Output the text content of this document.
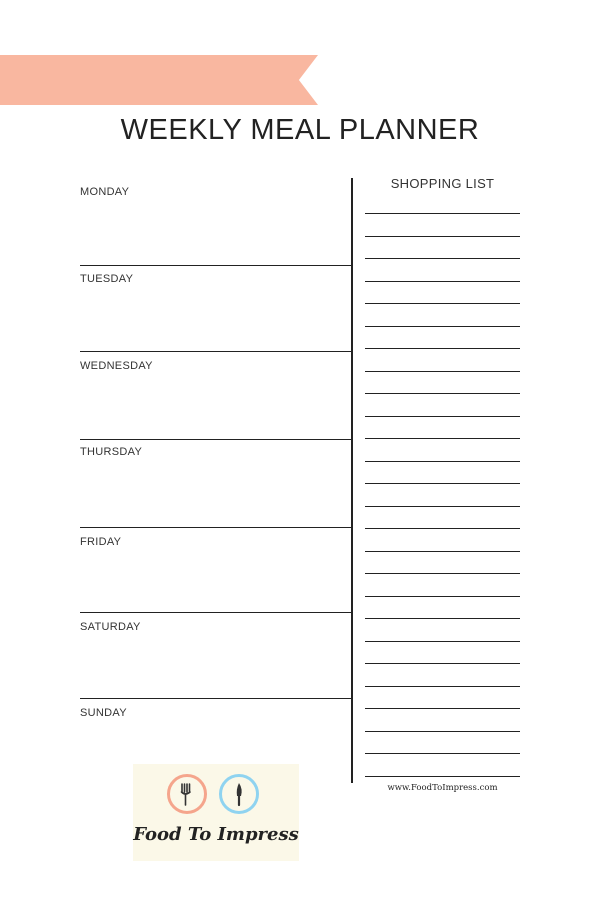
Free Printable
WEEKLY MEAL PLANNER
MONDAY
TUESDAY
WEDNESDAY
THURSDAY
FRIDAY
SATURDAY
SUNDAY
SHOPPING LIST
www.FoodToImpress.com
Food To Impress
